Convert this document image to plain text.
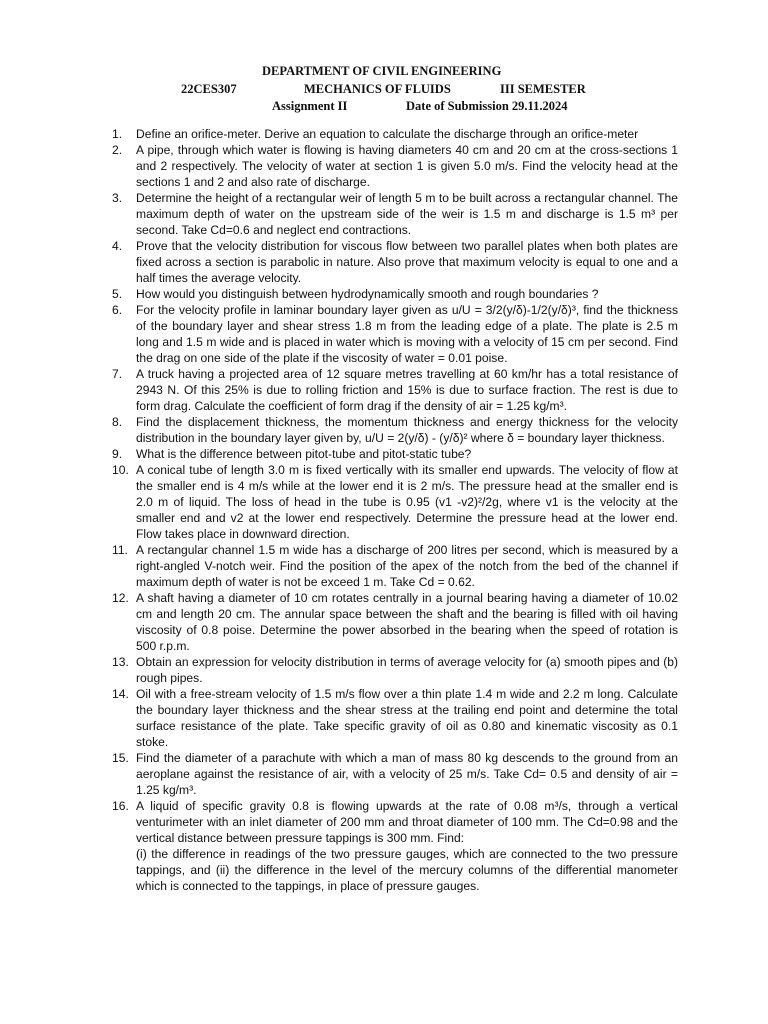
DEPARTMENT OF CIVIL ENGINEERING
22CES307	MECHANICS OF FLUIDS	III SEMESTER
Assignment II	Date of Submission 29.11.2024
1.	Define an orifice-meter. Derive an equation to calculate the discharge through an orifice-meter
2.	A pipe, through which water is flowing is having diameters 40 cm and 20 cm at the cross-sections 1 and 2 respectively. The velocity of water at section 1 is given 5.0 m/s. Find the velocity head at the sections 1 and 2 and also rate of discharge.
3.	Determine the height of a rectangular weir of length 5 m to be built across a rectangular channel. The maximum depth of water on the upstream side of the weir is 1.5 m and discharge is 1.5 m³ per second. Take Cd=0.6 and neglect end contractions.
4.	Prove that the velocity distribution for viscous flow between two parallel plates when both plates are fixed across a section is parabolic in nature. Also prove that maximum velocity is equal to one and a half times the average velocity.
5.	How would you distinguish between hydrodynamically smooth and rough boundaries ?
6.	For the velocity profile in laminar boundary layer given as u/U = 3/2(y/δ)-1/2(y/δ)³, find the thickness of the boundary layer and shear stress 1.8 m from the leading edge of a plate. The plate is 2.5 m long and 1.5 m wide and is placed in water which is moving with a velocity of 15 cm per second. Find the drag on one side of the plate if the viscosity of water = 0.01 poise.
7.	A truck having a projected area of 12 square metres travelling at 60 km/hr has a total resistance of 2943 N. Of this 25% is due to rolling friction and 15% is due to surface fraction. The rest is due to form drag. Calculate the coefficient of form drag if the density of air = 1.25 kg/m³.
8.	Find the displacement thickness, the momentum thickness and energy thickness for the velocity distribution in the boundary layer given by, u/U = 2(y/δ) - (y/δ)² where δ = boundary layer thickness.
9.	What is the difference between pitot-tube and pitot-static tube?
10. A conical tube of length 3.0 m is fixed vertically with its smaller end upwards. The velocity of flow at the smaller end is 4 m/s while at the lower end it is 2 m/s. The pressure head at the smaller end is 2.0 m of liquid. The loss of head in the tube is 0.95 (v1 -v2)²/2g, where v1 is the velocity at the smaller end and v2 at the lower end respectively. Determine the pressure head at the lower end. Flow takes place in downward direction.
11. A rectangular channel 1.5 m wide has a discharge of 200 litres per second, which is measured by a right-angled V-notch weir. Find the position of the apex of the notch from the bed of the channel if maximum depth of water is not be exceed 1 m. Take Cd = 0.62.
12. A shaft having a diameter of 10 cm rotates centrally in a journal bearing having a diameter of 10.02 cm and length 20 cm. The annular space between the shaft and the bearing is filled with oil having viscosity of 0.8 poise. Determine the power absorbed in the bearing when the speed of rotation is 500 r.p.m.
13. Obtain an expression for velocity distribution in terms of average velocity for (a) smooth pipes and (b) rough pipes.
14. Oil with a free-stream velocity of 1.5 m/s flow over a thin plate 1.4 m wide and 2.2 m long. Calculate the boundary layer thickness and the shear stress at the trailing end point and determine the total surface resistance of the plate. Take specific gravity of oil as 0.80 and kinematic viscosity as 0.1 stoke.
15. Find the diameter of a parachute with which a man of mass 80 kg descends to the ground from an aeroplane against the resistance of air, with a velocity of 25 m/s. Take Cd= 0.5 and density of air = 1.25 kg/m³.
16. A liquid of specific gravity 0.8 is flowing upwards at the rate of 0.08 m³/s, through a vertical venturimeter with an inlet diameter of 200 mm and throat diameter of 100 mm. The Cd=0.98 and the vertical distance between pressure tappings is 300 mm. Find:
(i) the difference in readings of the two pressure gauges, which are connected to the two pressure tappings, and (ii) the difference in the level of the mercury columns of the differential manometer which is connected to the tappings, in place of pressure gauges.
